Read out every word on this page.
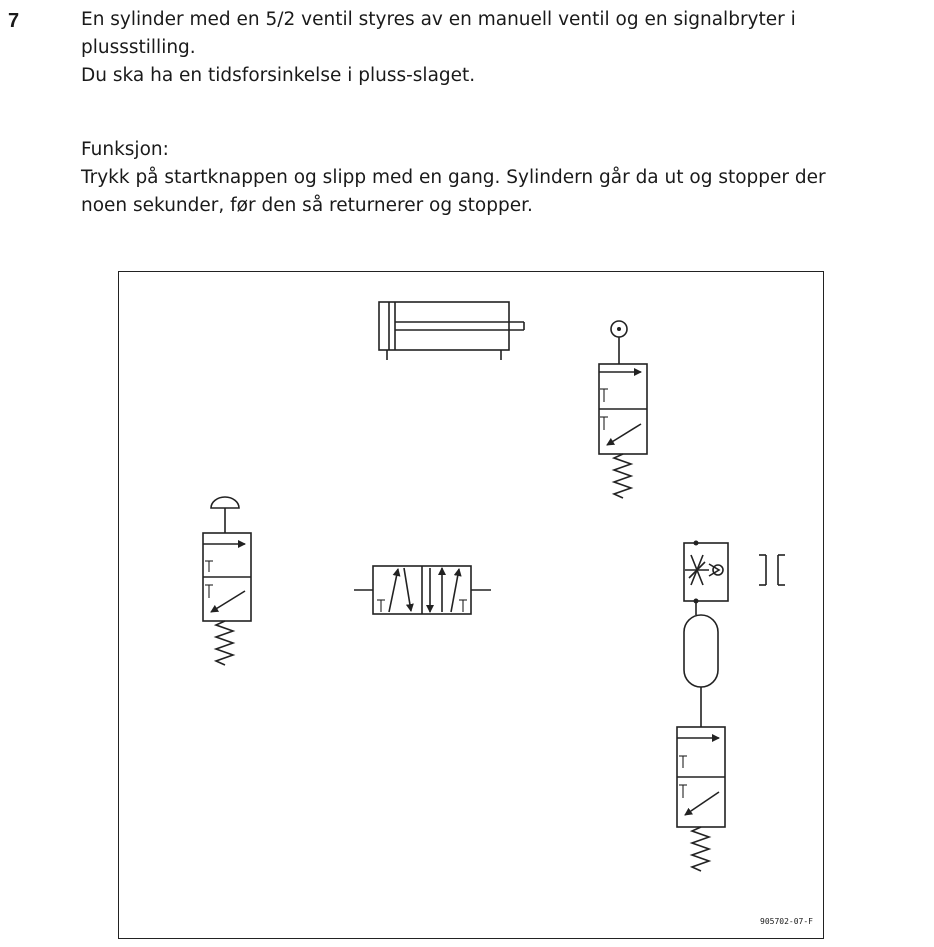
7	En sylinder med en 5/2 ventil styres av en manuell ventil og en signalbryter i
plussstilling.
Du ska ha en tidsforsinkelse i pluss-slaget.
Funksjon:
Trykk på startknappen og slipp med en gang. Sylindern går da ut og stopper der
noen sekunder, før den så returnerer og stopper.
905702-07-F
